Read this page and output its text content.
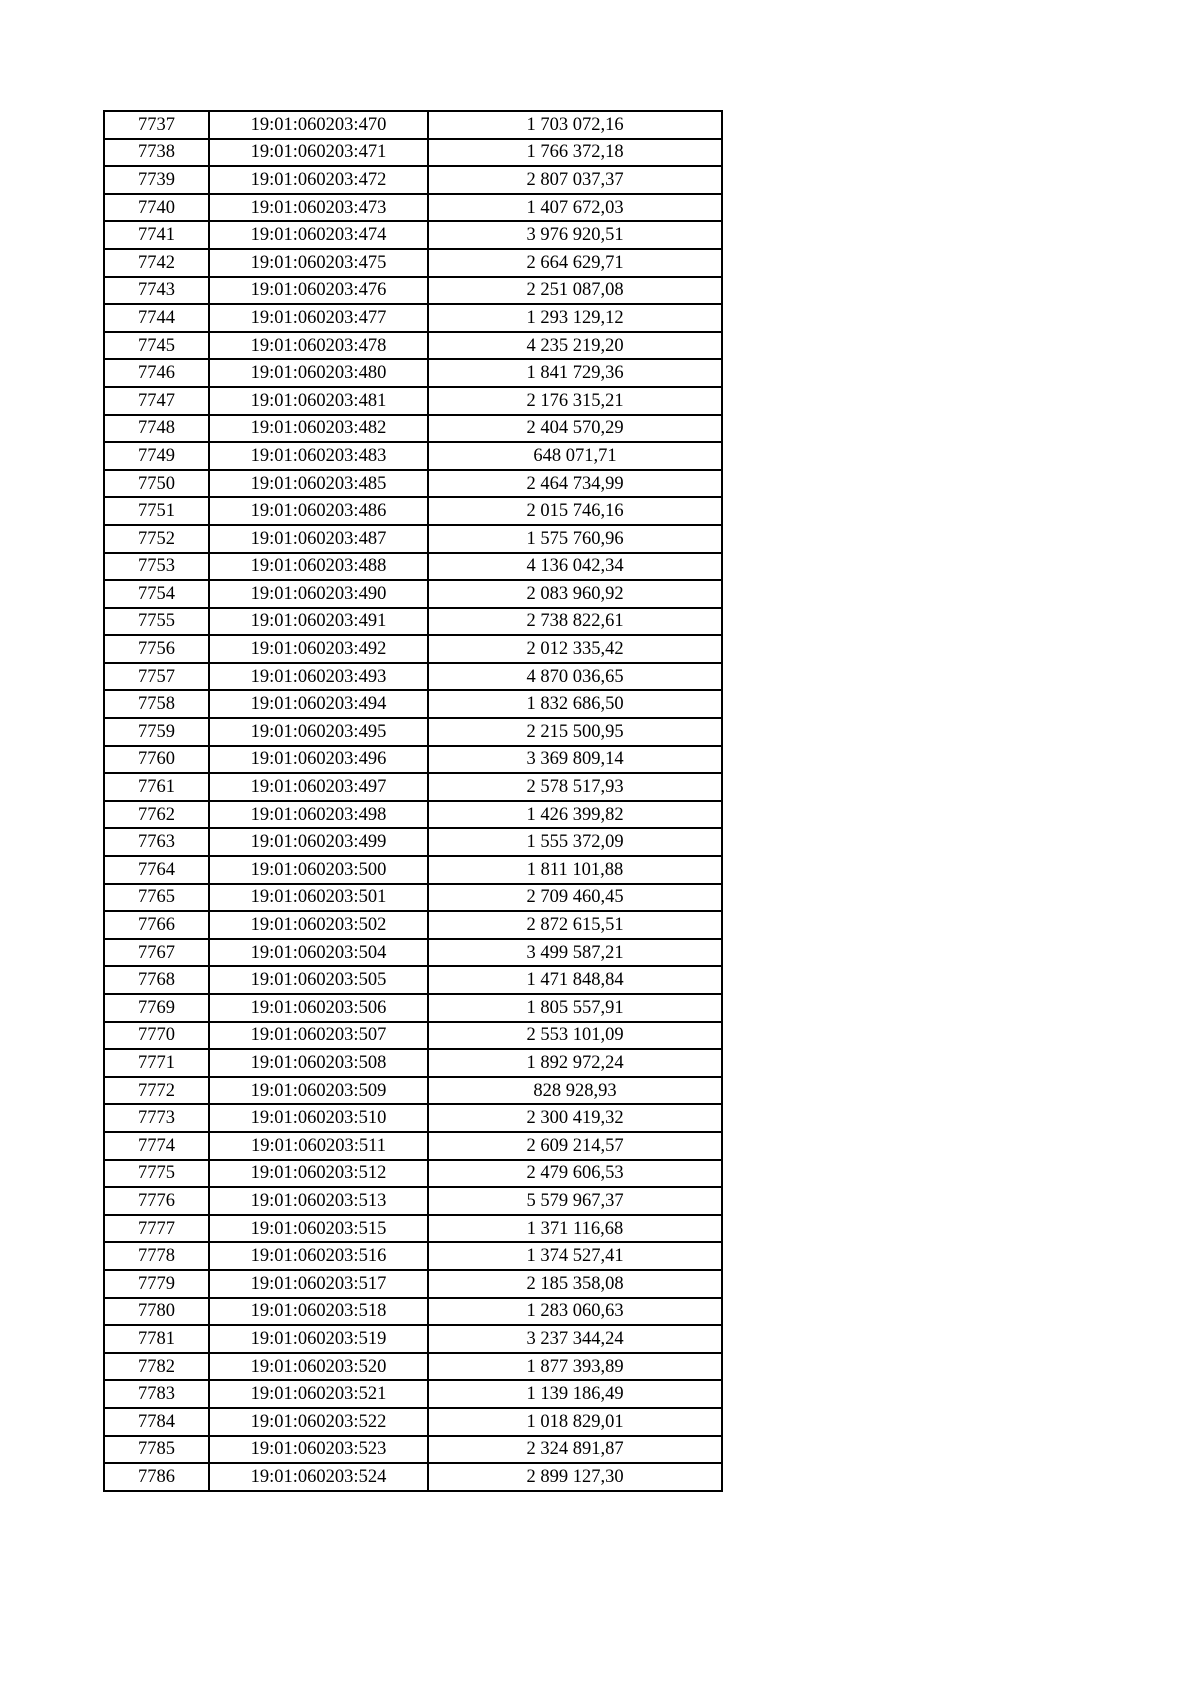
7737	19:01:060203:470	1 703 072,16
7738	19:01:060203:471	1 766 372,18
7739	19:01:060203:472	2 807 037,37
7740	19:01:060203:473	1 407 672,03
7741	19:01:060203:474	3 976 920,51
7742	19:01:060203:475	2 664 629,71
7743	19:01:060203:476	2 251 087,08
7744	19:01:060203:477	1 293 129,12
7745	19:01:060203:478	4 235 219,20
7746	19:01:060203:480	1 841 729,36
7747	19:01:060203:481	2 176 315,21
7748	19:01:060203:482	2 404 570,29
7749	19:01:060203:483	648 071,71
7750	19:01:060203:485	2 464 734,99
7751	19:01:060203:486	2 015 746,16
7752	19:01:060203:487	1 575 760,96
7753	19:01:060203:488	4 136 042,34
7754	19:01:060203:490	2 083 960,92
7755	19:01:060203:491	2 738 822,61
7756	19:01:060203:492	2 012 335,42
7757	19:01:060203:493	4 870 036,65
7758	19:01:060203:494	1 832 686,50
7759	19:01:060203:495	2 215 500,95
7760	19:01:060203:496	3 369 809,14
7761	19:01:060203:497	2 578 517,93
7762	19:01:060203:498	1 426 399,82
7763	19:01:060203:499	1 555 372,09
7764	19:01:060203:500	1 811 101,88
7765	19:01:060203:501	2 709 460,45
7766	19:01:060203:502	2 872 615,51
7767	19:01:060203:504	3 499 587,21
7768	19:01:060203:505	1 471 848,84
7769	19:01:060203:506	1 805 557,91
7770	19:01:060203:507	2 553 101,09
7771	19:01:060203:508	1 892 972,24
7772	19:01:060203:509	828 928,93
7773	19:01:060203:510	2 300 419,32
7774	19:01:060203:511	2 609 214,57
7775	19:01:060203:512	2 479 606,53
7776	19:01:060203:513	5 579 967,37
7777	19:01:060203:515	1 371 116,68
7778	19:01:060203:516	1 374 527,41
7779	19:01:060203:517	2 185 358,08
7780	19:01:060203:518	1 283 060,63
7781	19:01:060203:519	3 237 344,24
7782	19:01:060203:520	1 877 393,89
7783	19:01:060203:521	1 139 186,49
7784	19:01:060203:522	1 018 829,01
7785	19:01:060203:523	2 324 891,87
7786	19:01:060203:524	2 899 127,30
